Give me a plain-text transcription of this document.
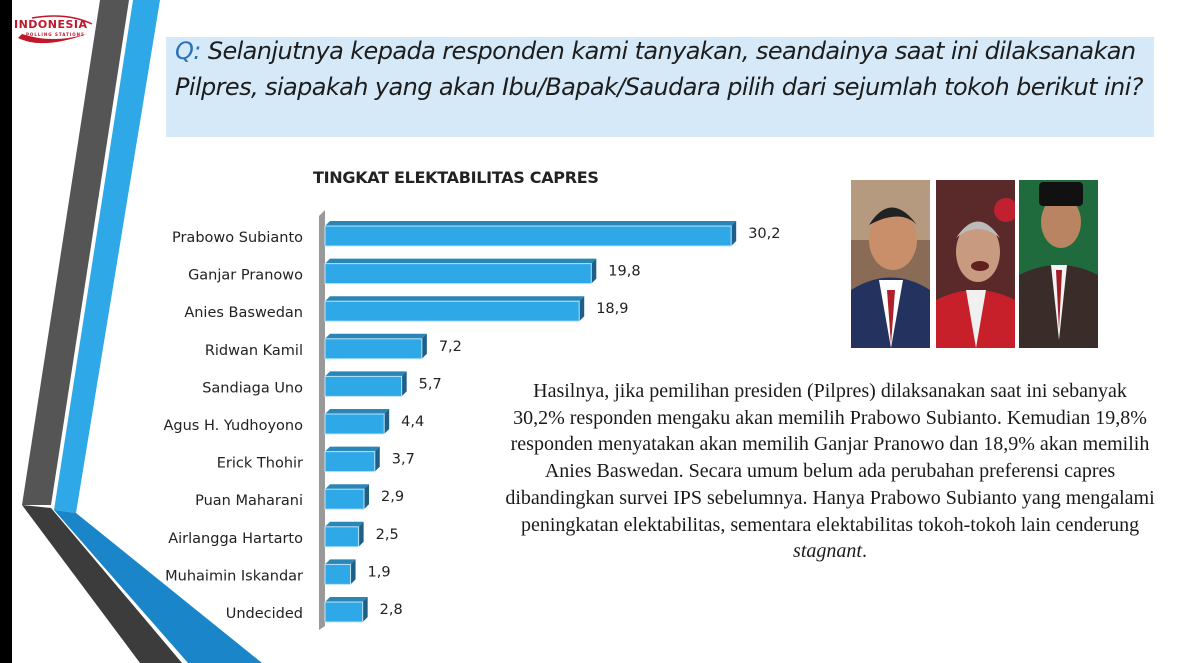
INDONESIA
POLLING STATIONS
Q: Selanjutnya kepada responden kami tanyakan, seandainya saat ini dilaksanakan Pilpres, siapakah yang akan Ibu/Bapak/Saudara pilih dari sejumlah tokoh berikut ini?
TINGKAT ELEKTABILITAS CAPRES
Prabowo Subianto	30,2
Ganjar Pranowo	19,8
Anies Baswedan	18,9
Ridwan Kamil	7,2
Sandiaga Uno	5,7
Agus H. Yudhoyono	4,4
Erick Thohir	3,7
Puan Maharani	2,9
Airlangga Hartarto	2,5
Muhaimin Iskandar	1,9
Undecided	2,8
Hasilnya, jika pemilihan presiden (Pilpres) dilaksanakan saat ini sebanyak 30,2% responden mengaku akan memilih Prabowo Subianto. Kemudian 19,8% responden menyatakan akan memilih Ganjar Pranowo dan 18,9% akan memilih Anies Baswedan. Secara umum belum ada perubahan preferensi capres dibandingkan survei IPS sebelumnya. Hanya Prabowo Subianto yang mengalami peningkatan elektabilitas, sementara elektabilitas tokoh-tokoh lain cenderung stagnant.
